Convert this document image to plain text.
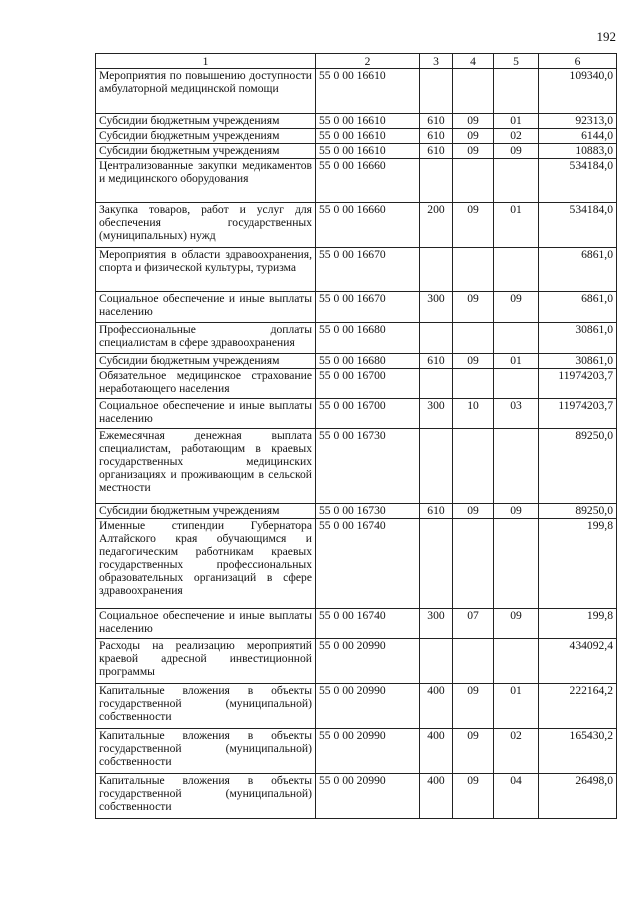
192
1	2	3	4	5	6
Мероприятия по повышению доступности амбулаторной медицинской помощи	55 0 00 16610				109340,0
Субсидии бюджетным учреждениям	55 0 00 16610	610	09	01	92313,0
Субсидии бюджетным учреждениям	55 0 00 16610	610	09	02	6144,0
Субсидии бюджетным учреждениям	55 0 00 16610	610	09	09	10883,0
Централизованные закупки медикаментов и медицинского оборудования	55 0 00 16660				534184,0
Закупка товаров, работ и услуг для обеспечения государственных (муниципальных) нужд	55 0 00 16660	200	09	01	534184,0
Мероприятия в области здравоохранения, спорта и физической культуры, туризма	55 0 00 16670				6861,0
Социальное обеспечение и иные выплаты населению	55 0 00 16670	300	09	09	6861,0
Профессиональные доплаты специалистам в сфере здравоохранения	55 0 00 16680				30861,0
Субсидии бюджетным учреждениям	55 0 00 16680	610	09	01	30861,0
Обязательное медицинское страхование неработающего населения	55 0 00 16700				11974203,7
Социальное обеспечение и иные выплаты населению	55 0 00 16700	300	10	03	11974203,7
Ежемесячная денежная выплата специалистам, работающим в краевых государственных медицинских организациях и проживающим в сельской местности	55 0 00 16730				89250,0
Субсидии бюджетным учреждениям	55 0 00 16730	610	09	09	89250,0
Именные стипендии Губернатора Алтайского края обучающимся и педагогическим работникам краевых государственных профессиональных образовательных организаций в сфере здравоохранения	55 0 00 16740				199,8
Социальное обеспечение и иные выплаты населению	55 0 00 16740	300	07	09	199,8
Расходы на реализацию мероприятий краевой адресной инвестиционной программы	55 0 00 20990				434092,4
Капитальные вложения в объекты государственной (муниципальной) собственности	55 0 00 20990	400	09	01	222164,2
Капитальные вложения в объекты государственной (муниципальной) собственности	55 0 00 20990	400	09	02	165430,2
Капитальные вложения в объекты государственной (муниципальной) собственности	55 0 00 20990	400	09	04	26498,0
